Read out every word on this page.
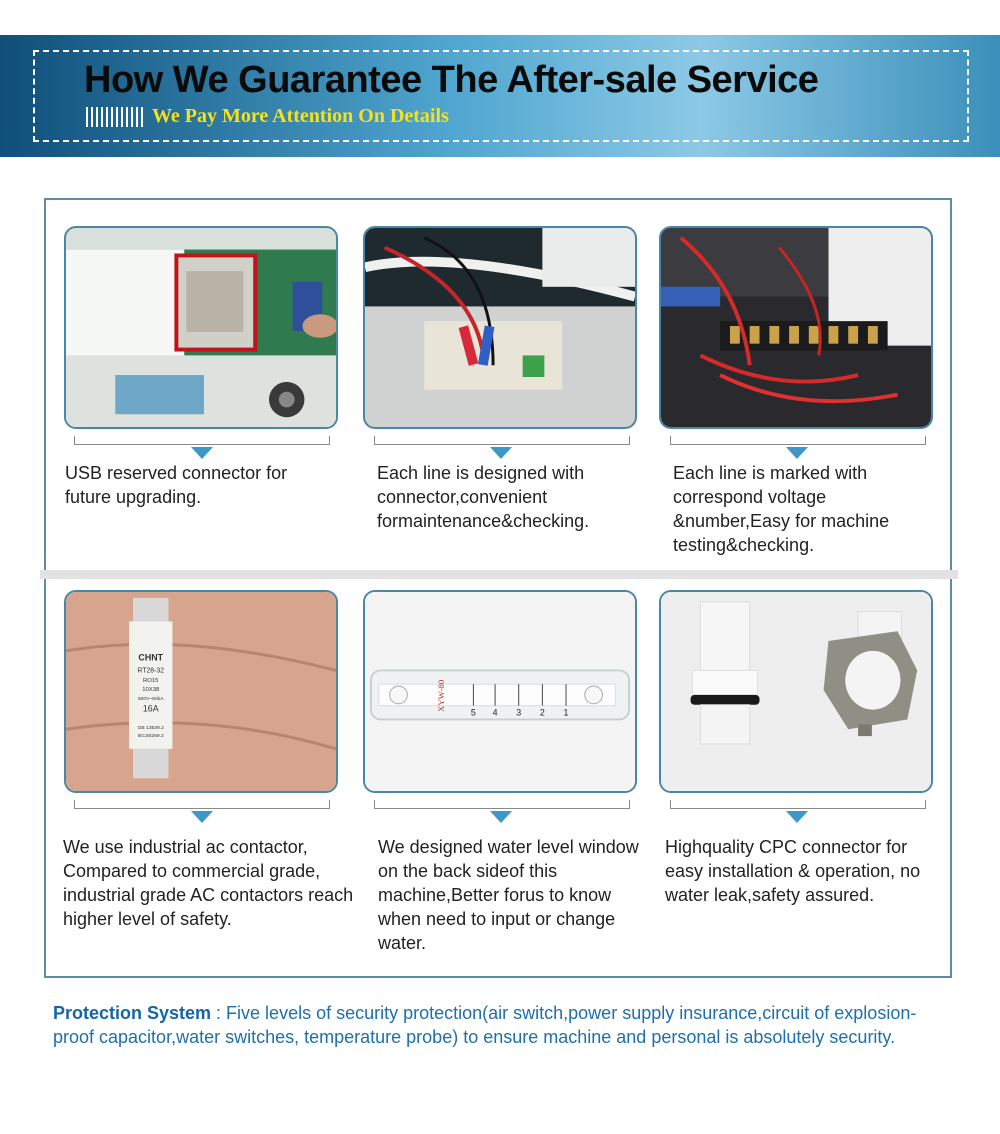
How We Guarantee The After-sale Service
We Pay More Attention On Details
CHNT
RT28-32
RO15
10X38
500V~50kA
16A
GB 13539.2
IEC60269.2
XYW-80
5 4 3 2 1
USB reserved connector for future upgrading.
Each line is designed with connector,convenient formaintenance&checking.
Each line is marked with correspond voltage &number,Easy for machine testing&checking.
We use industrial ac contactor, Compared to commercial grade, industrial grade AC contactors reach higher level of safety.
We designed water level window on the back sideof this machine,Better forus to know when need to input or change water.
Highquality CPC connector for easy installation & operation, no water leak,safety assured.
Protection System : Five levels of security protection(air switch,power supply insurance,circuit of explosion-proof capacitor,water switches, temperature probe) to ensure machine and personal is absolutely security.
